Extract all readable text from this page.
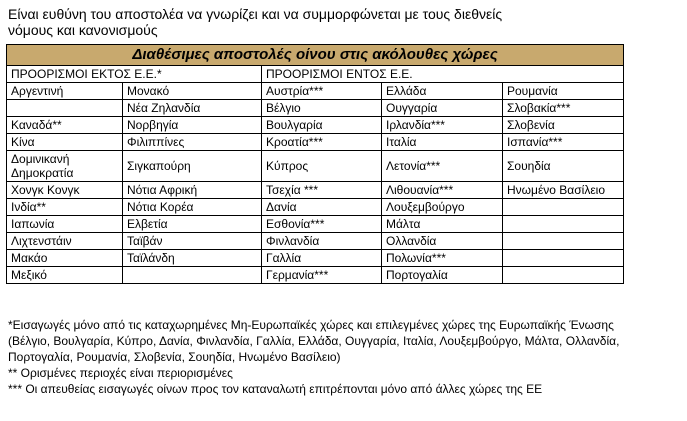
Είναι ευθύνη του αποστολέα να γνωρίζει και να συμμορφώνεται με τους διεθνείς νόμους και κανονισμούς
Διαθέσιμες αποστολές οίνου στις ακόλουθες χώρες				
ΠΡΟΟΡΙΣΜΟΙ ΕΚΤΟΣ Ε.Ε.*		ΠΡΟΟΡΙΣΜΟΙ ΕΝΤΟΣ Ε.Ε.		
Αργεντινή	Μονακό	Αυστρία***	Ελλάδα	Ρουμανία
	Νέα Ζηλανδία	Βέλγιο	Ουγγαρία	Σλοβακία***
Καναδά**	Νορβηγία	Βουλγαρία	Ιρλανδία***	Σλοβενία
Κίνα	Φιλιππίνες	Κροατία***	Ιταλία	Ισπανία***
Δομινικανή Δημοκρατία	Σιγκαπούρη	Κύπρος	Λετονία***	Σουηδία
Χονγκ Κονγκ	Νότια Αφρική	Τσεχία ***	Λιθουανία***	Ηνωμένο Βασίλειο
Ινδία**	Νότια Κορέα	Δανία	Λουξεμβούργο	
Ιαπωνία	Ελβετία	Εσθονία***	Μάλτα	
Λιχτενστάιν	Ταϊβάν	Φινλανδία	Ολλανδία	
Μακάο	Ταϊλάνδη	Γαλλία	Πολωνία***	
Μεξικό		Γερμανία***	Πορτογαλία	

*Εισαγωγές μόνο από τις καταχωρημένες Μη-Ευρωπαϊκές χώρες και επιλεγμένες χώρες της Ευρωπαϊκής Ένωσης (Βέλγιο, Βουλγαρία, Κύπρο, Δανία, Φινλανδία, Γαλλία, Ελλάδα, Ουγγαρία, Ιταλία, Λουξεμβούργο, Μάλτα, Ολλανδία, Πορτογαλία, Ρουμανία, Σλοβενία, Σουηδία, Ηνωμένο Βασίλειο)

** Ορισμένες περιοχές είναι περιορισμένες

*** Οι απευθείας εισαγωγές οίνων προς τον καταναλωτή επιτρέπονται μόνο από άλλες χώρες της ΕΕ
